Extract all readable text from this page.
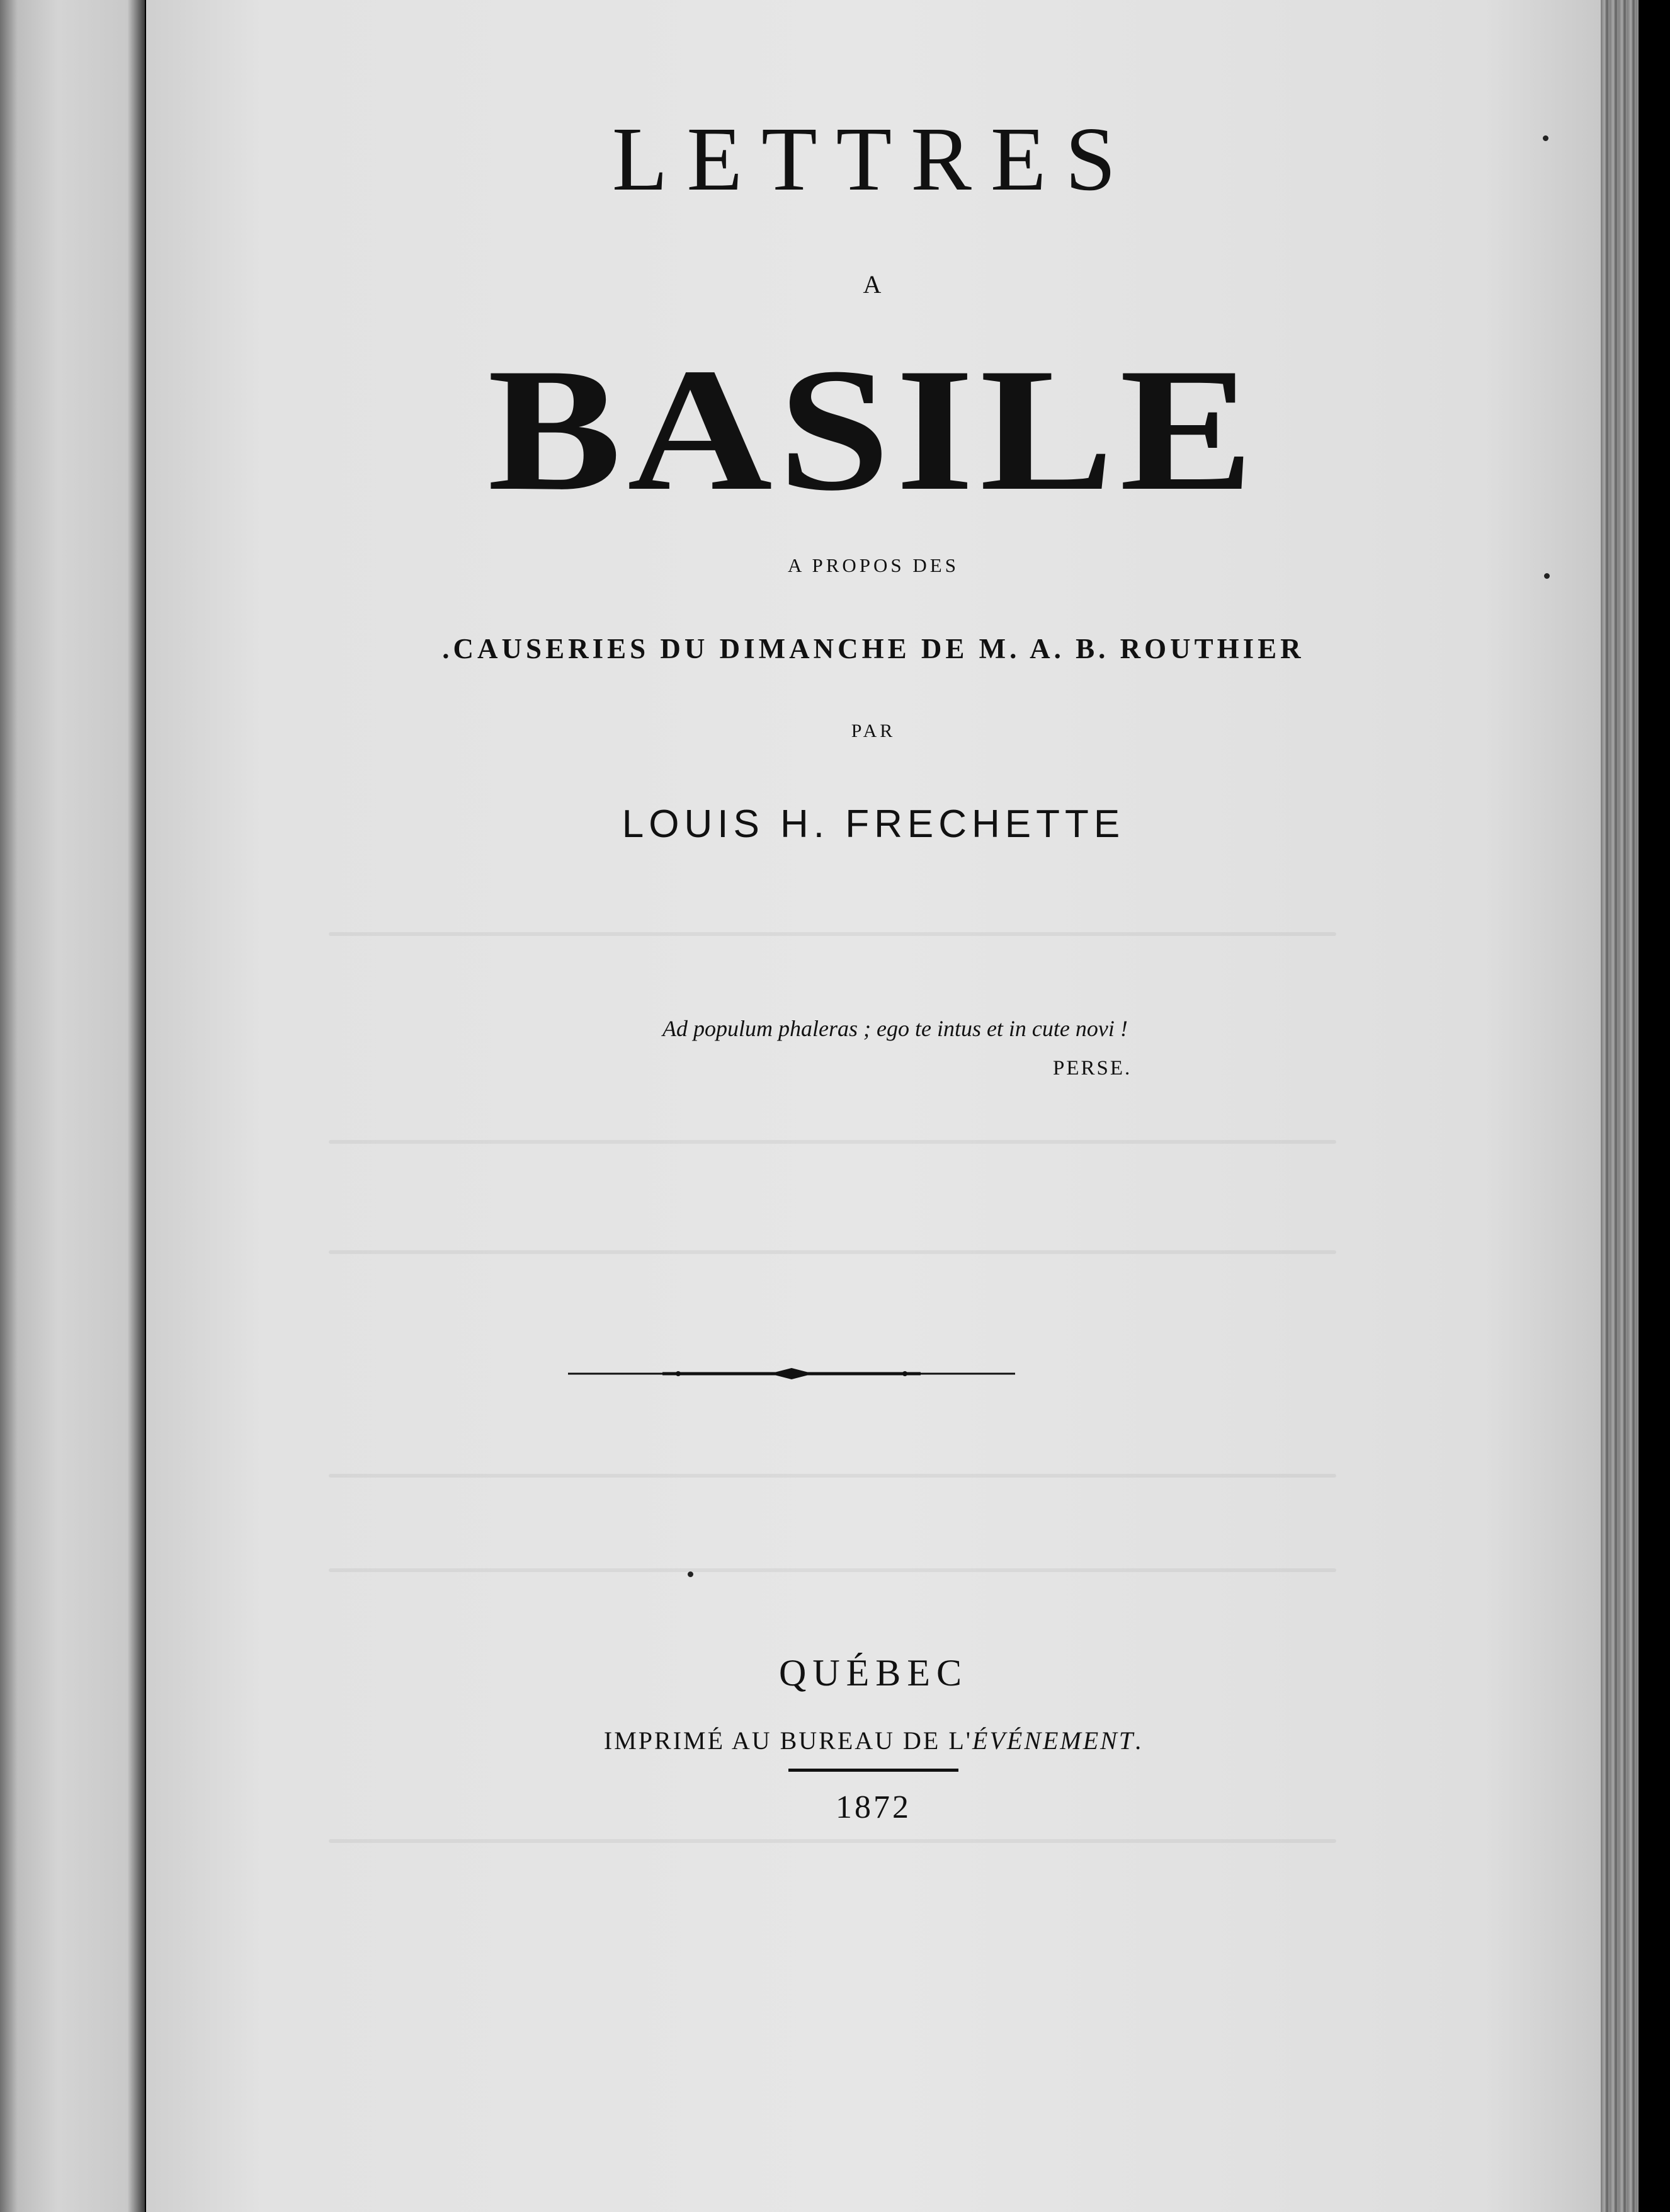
LETTRES
A
BASILE
A PROPOS DES
.CAUSERIES DU DIMANCHE DE M. A. B. ROUTHIER
PAR
LOUIS H. FRECHETTE
Ad populum phaleras ; ego te intus et in cute novi !
PERSE.
QUÉBEC
IMPRIMÉ AU BUREAU DE L'ÉVÉNEMENT.
1872
